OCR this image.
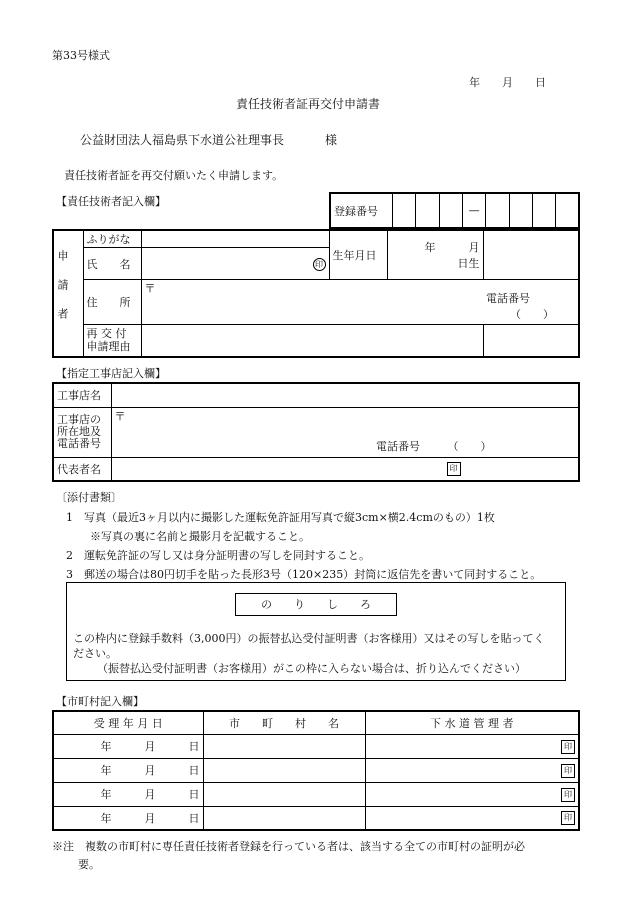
第33号様式
年　　月　　日
責任技術者証再交付申請書
公益財団法人福島県下水道公社理事長	様
責任技術者証を再交付願いたく申請します。
【責任技術者記入欄】
登録番号				—				
申請者	ふりがな		生年月日	年　　　月　　　日生	
	氏　　名	印			
	住　　所	〒			電話番号 （　　）

	再 交 付
申請理由				

【指定工事店記入欄】
工事店名		

工事店の
所在地及
電話番号	〒	電話番号 （　　）
代表者名	印	
〔添付書類〕
1　写真（最近3ヶ月以内に撮影した運転免許証用写真で縦3cm×横2.4cmのもの）1枚
※写真の裏に名前と撮影月を記載すること。
2　運転免許証の写し又は身分証明書の写しを同封すること。
3　郵送の場合は80円切手を貼った長形3号（120×235）封筒に返信先を書いて同封すること。
の　　り　　し　　ろ
この枠内に登録手数料（3,000円）の振替払込受付証明書（お客様用）又はその写しを貼ってく
ださい。
（振替払込受付証明書（お客様用）がこの枠に入らない場合は、折り込んでください）
【市町村記入欄】
受 理 年 月 日	市　　町　　村　　名	下 水 道 管 理 者
年　　　月　　　日		印
年　　　月　　　日		印
年　　　月　　　日		印
年　　　月　　　日		印
※注　複数の市町村に専任責任技術者登録を行っている者は、該当する全ての市町村の証明が必
要。
